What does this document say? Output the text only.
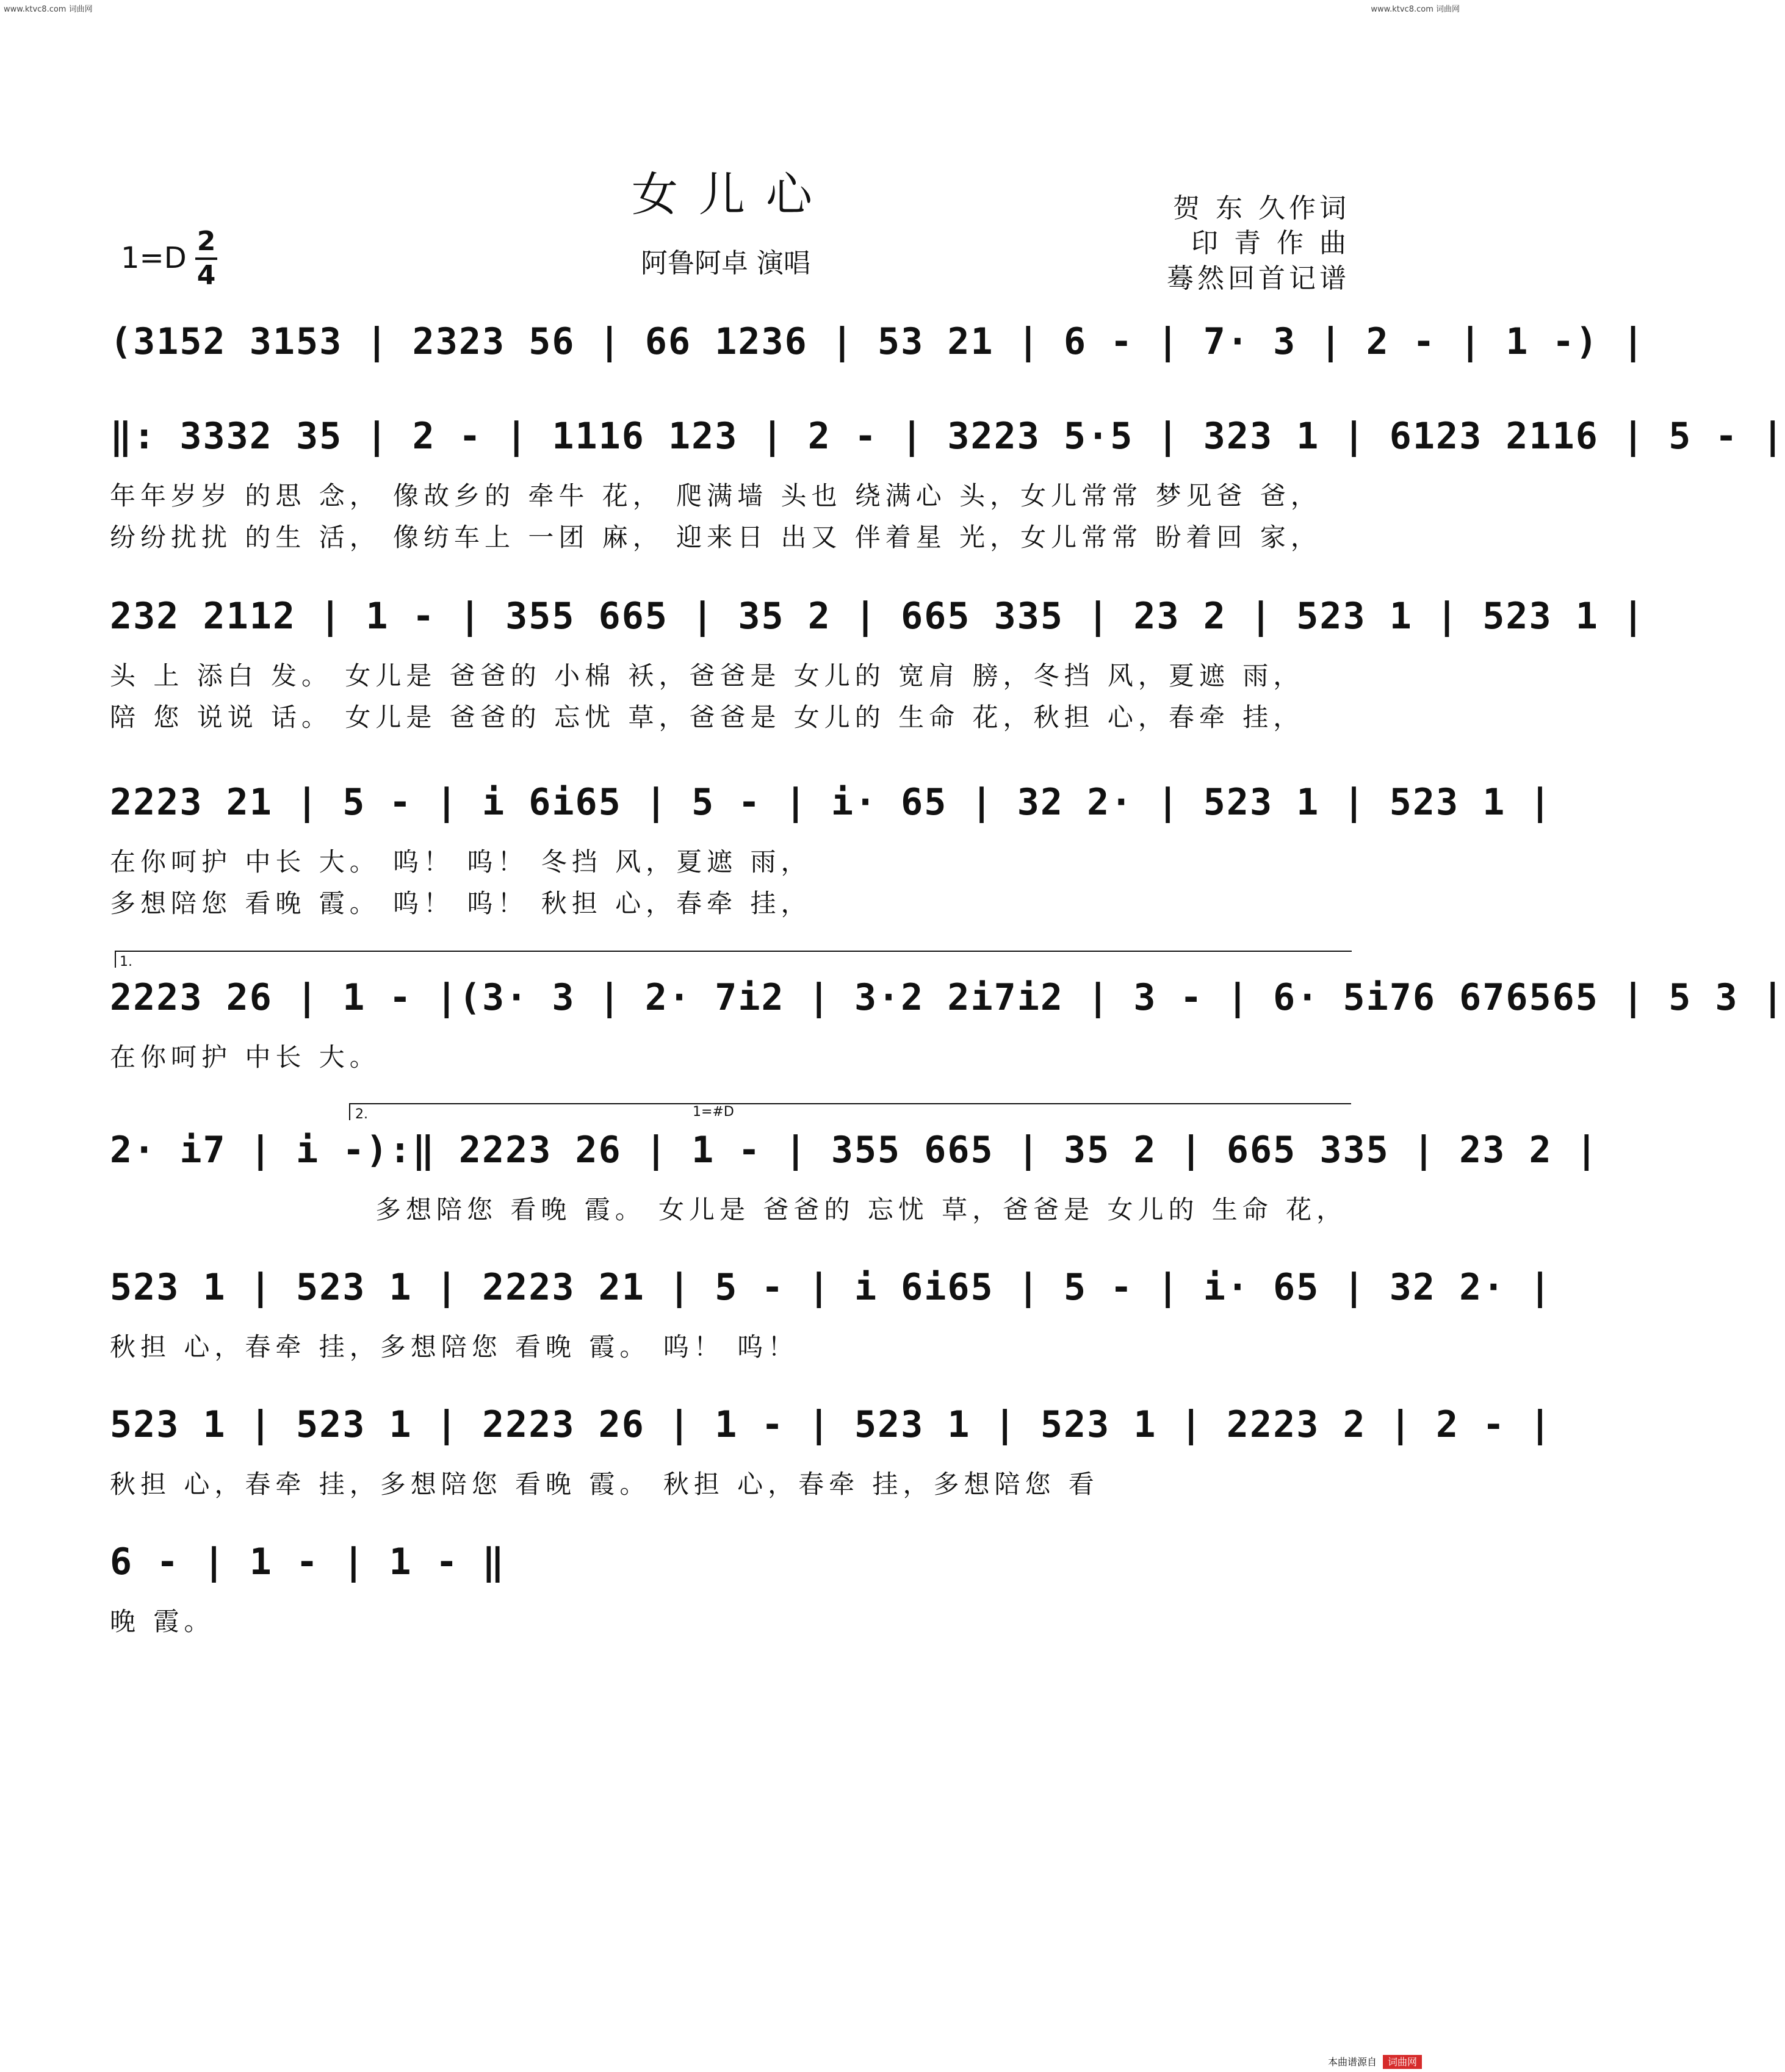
www.ktvc8.com 词曲网	www.ktvc8.com 词曲网
女儿心
阿鲁阿卓 演唱
贺 东 久作词
印 青 作 曲
蓦然回首记谱
1=D 2
4
(3152 3153 | 2323 56 | 66 1236 | 53 21 | 6 - | 7· 3 | 2 - | 1 -) |
‖: 3332 35 | 2 - | 1116 123 | 2 - | 3223 5·5 | 323 1 | 6123 2116 | 5 - |
年年岁岁 的思 念， 像故乡的 牵牛 花， 爬满墙 头也 绕满心 头，女儿常常 梦见爸 爸，
纷纷扰扰 的生 活， 像纺车上 一团 麻， 迎来日 出又 伴着星 光，女儿常常 盼着回 家，
232 2112 | 1 - | 355 665 | 35 2 | 665 335 | 23 2 | 523 1 | 523 1 |
头 上 添白 发。 女儿是 爸爸的 小棉 袄，爸爸是 女儿的 宽肩 膀，冬挡 风，夏遮 雨，
陪 您 说说 话。 女儿是 爸爸的 忘忧 草，爸爸是 女儿的 生命 花，秋担 心，春牵 挂，
2223 21 | 5 - | i 6i65 | 5 - | i· 65 | 32 2· | 523 1 | 523 1 |
在你呵护 中长 大。 呜！ 呜！ 冬挡 风，夏遮 雨，
多想陪您 看晚 霞。 呜！ 呜！ 秋担 心，春牵 挂，
1.
2223 26 | 1 - |(3· 3 | 2· 7i2 | 3·2 2i7i2 | 3 - | 6· 5i76 676565 | 5 3 |
在你呵护 中长 大。
2.	1=#D
2· i7 | i -):‖ 2223 26 | 1 - | 355 665 | 35 2 | 665 335 | 23 2 |
多想陪您 看晚 霞。 女儿是 爸爸的 忘忧 草，爸爸是 女儿的 生命 花，
523 1 | 523 1 | 2223 21 | 5 - | i 6i65 | 5 - | i· 65 | 32 2· |
秋担 心，春牵 挂，多想陪您 看晚 霞。 呜！ 呜！
523 1 | 523 1 | 2223 26 | 1 - | 523 1 | 523 1 | 2223 2 | 2 - |
秋担 心，春牵 挂，多想陪您 看晚 霞。 秋担 心，春牵 挂，多想陪您 看
6 - | 1 - | 1 - ‖
晚 霞。
本曲谱源自 词曲网
